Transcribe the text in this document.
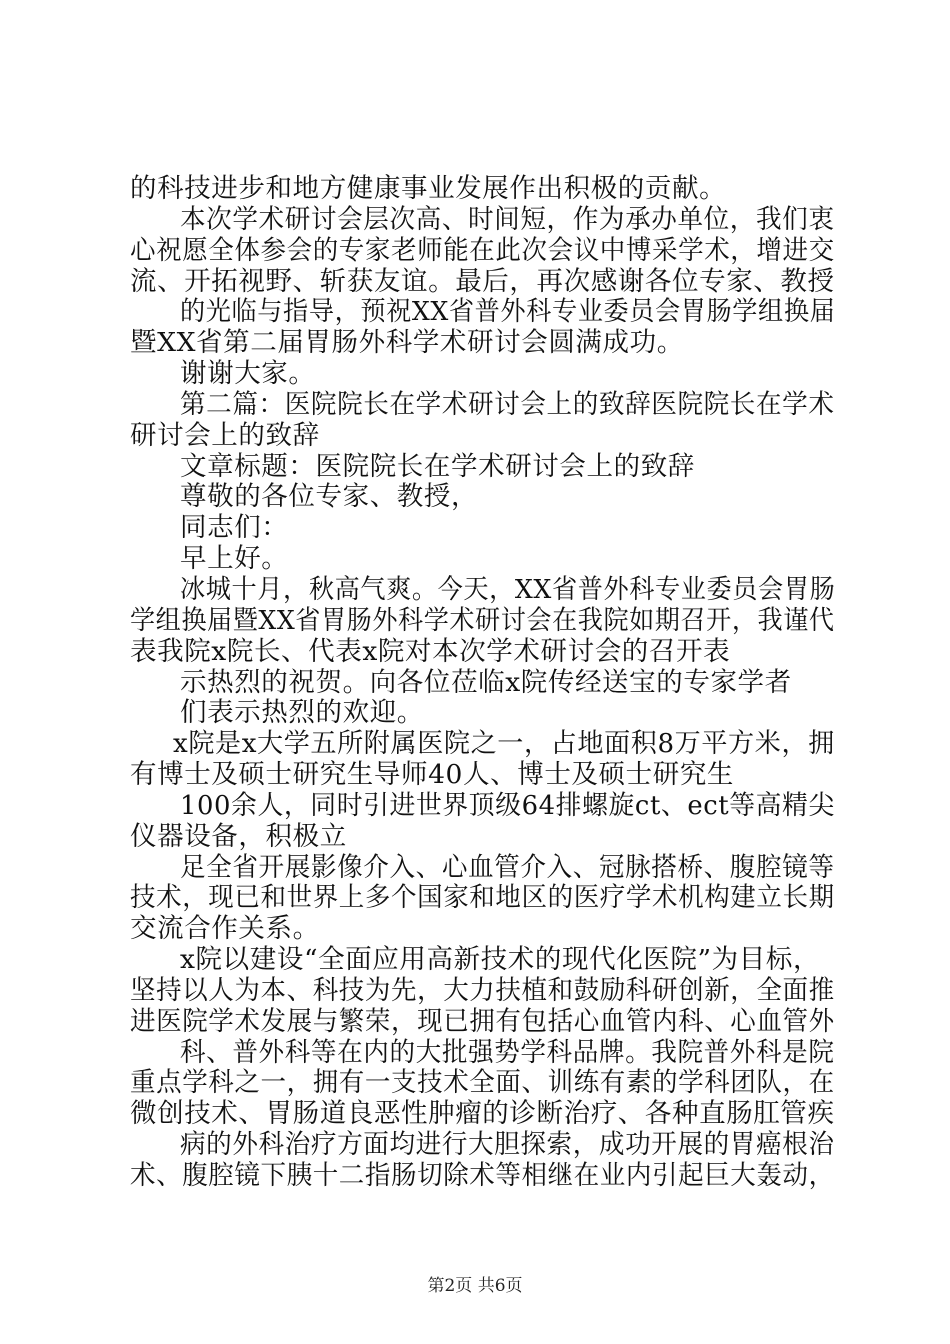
的科技进步和地方健康事业发展作出积极的贡献。
本次学术研讨会层次高、时间短，作为承办单位，我们衷
心祝愿全体参会的专家老师能在此次会议中博采学术，增进交
流、开拓视野、斩获友谊。最后，再次感谢各位专家、教授
的光临与指导，预祝XX省普外科专业委员会胃肠学组换届
暨XX省第二届胃肠外科学术研讨会圆满成功。
谢谢大家。
第二篇：医院院长在学术研讨会上的致辞医院院长在学术
研讨会上的致辞
文章标题：医院院长在学术研讨会上的致辞
尊敬的各位专家、教授，
同志们：
早上好。
冰城十月，秋高气爽。今天，XX省普外科专业委员会胃肠
学组换届暨XX省胃肠外科学术研讨会在我院如期召开，我谨代
表我院x院长、代表x院对本次学术研讨会的召开表
示热烈的祝贺。向各位莅临x院传经送宝的专家学者
们表示热烈的欢迎。
x院是x大学五所附属医院之一，占地面积8万平方米，拥
有博士及硕士研究生导师40人、博士及硕士研究生
100余人，同时引进世界顶级64排螺旋ct、ect等高精尖
仪器设备，积极立
足全省开展影像介入、心血管介入、冠脉搭桥、腹腔镜等
技术，现已和世界上多个国家和地区的医疗学术机构建立长期
交流合作关系。
x院以建设“全面应用高新技术的现代化医院”为目标，
坚持以人为本、科技为先，大力扶植和鼓励科研创新，全面推
进医院学术发展与繁荣，现已拥有包括心血管内科、心血管外
科、普外科等在内的大批强势学科品牌。我院普外科是院
重点学科之一，拥有一支技术全面、训练有素的学科团队，在
微创技术、胃肠道良恶性肿瘤的诊断治疗、各种直肠肛管疾
病的外科治疗方面均进行大胆探索，成功开展的胃癌根治
术、腹腔镜下胰十二指肠切除术等相继在业内引起巨大轰动，
第2页 共6页
